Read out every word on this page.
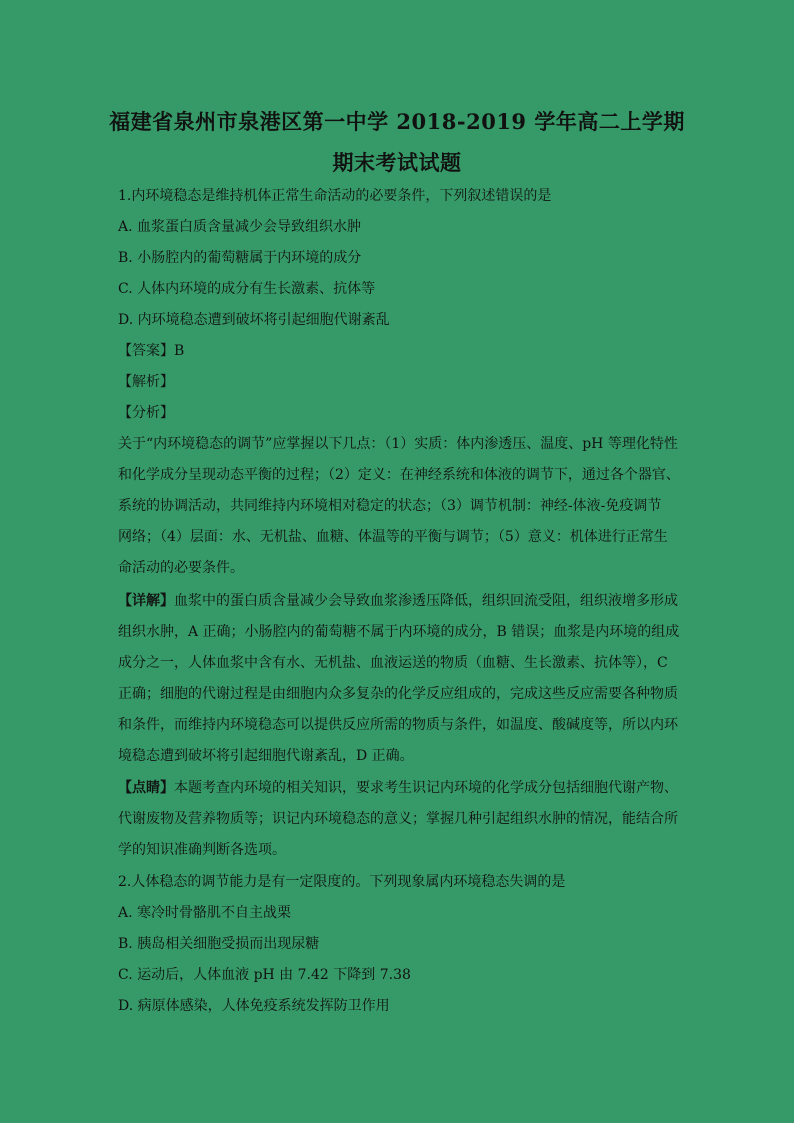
福建省泉州市泉港区第一中学 2018-2019 学年高二上学期
期末考试试题
1.内环境稳态是维持机体正常生命活动的必要条件，下列叙述错误的是
A. 血浆蛋白质含量减少会导致组织水肿
B. 小肠腔内的葡萄糖属于内环境的成分
C. 人体内环境的成分有生长激素、抗体等
D. 内环境稳态遭到破坏将引起细胞代谢紊乱
【答案】B
【解析】
【分析】
关于“内环境稳态的调节”应掌握以下几点：（1）实质：体内渗透压、温度、pH 等理化特性
和化学成分呈现动态平衡的过程；（2）定义：在神经系统和体液的调节下，通过各个器官、
系统的协调活动，共同维持内环境相对稳定的状态；（3）调节机制：神经-体液-免疫调节
网络；（4）层面：水、无机盐、血糖、体温等的平衡与调节；（5）意义：机体进行正常生
命活动的必要条件。
【详解】血浆中的蛋白质含量减少会导致血浆渗透压降低，组织回流受阻，组织液增多形成
组织水肿，A 正确；小肠腔内的葡萄糖不属于内环境的成分，B 错误；血浆是内环境的组成
成分之一，人体血浆中含有水、无机盐、血液运送的物质（血糖、生长激素、抗体等），C
正确；细胞的代谢过程是由细胞内众多复杂的化学反应组成的，完成这些反应需要各种物质
和条件，而维持内环境稳态可以提供反应所需的物质与条件，如温度、酸碱度等，所以内环
境稳态遭到破坏将引起细胞代谢紊乱，D 正确。
【点睛】本题考查内环境的相关知识，要求考生识记内环境的化学成分包括细胞代谢产物、
代谢废物及营养物质等；识记内环境稳态的意义；掌握几种引起组织水肿的情况，能结合所
学的知识准确判断各选项。
2.人体稳态的调节能力是有一定限度的。下列现象属内环境稳态失调的是
A. 寒冷时骨骼肌不自主战栗
B. 胰岛相关细胞受损而出现尿糖
C. 运动后，人体血液 pH 由 7.42 下降到 7.38
D. 病原体感染，人体免疫系统发挥防卫作用
